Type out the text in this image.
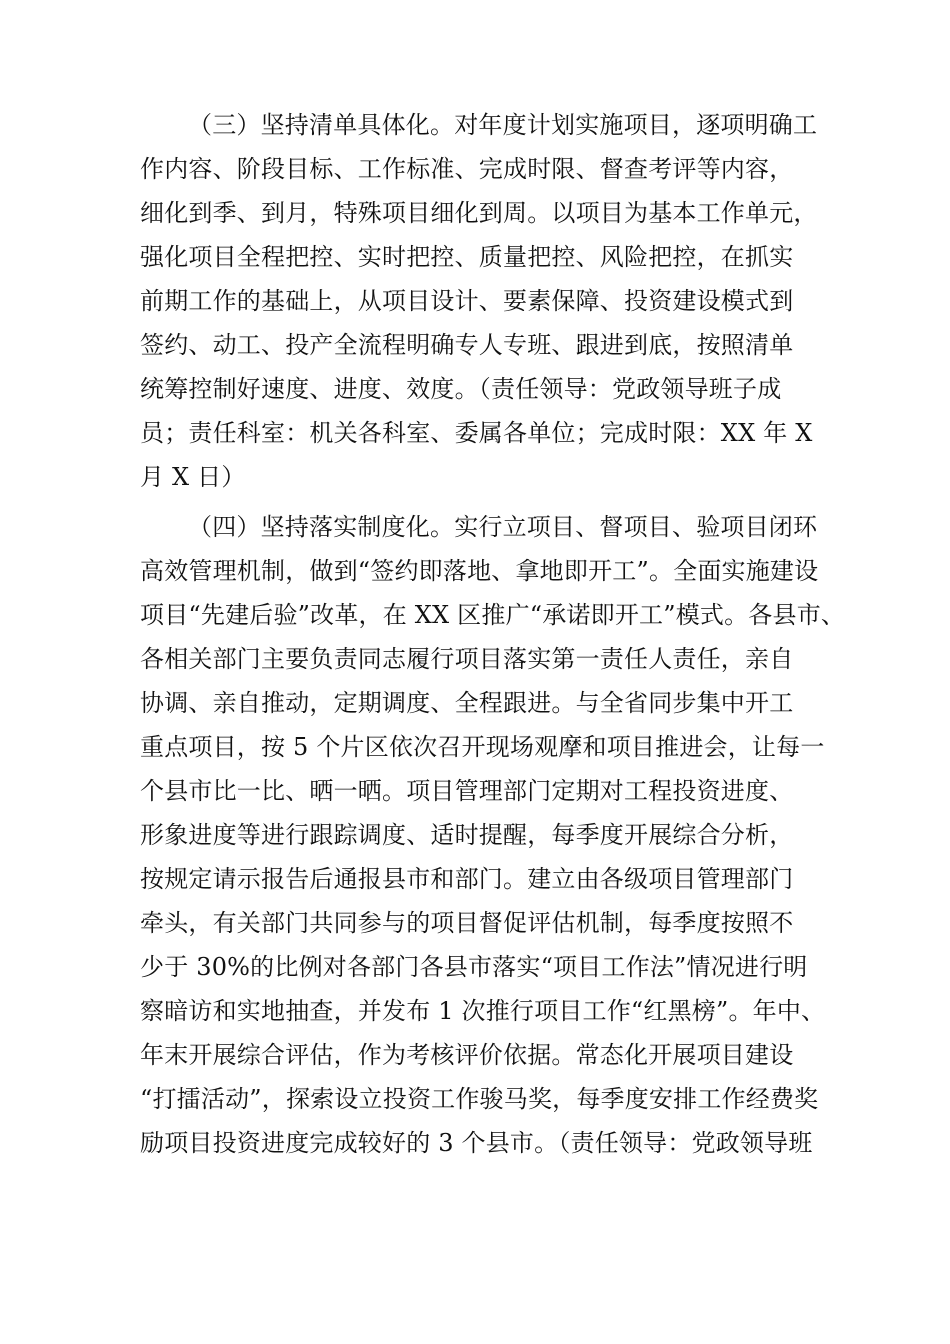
（三）坚持清单具体化。对年度计划实施项目，逐项明确工
作内容、阶段目标、工作标准、完成时限、督查考评等内容，
细化到季、到月，特殊项目细化到周。以项目为基本工作单元，
强化项目全程把控、实时把控、质量把控、风险把控，在抓实
前期工作的基础上，从项目设计、要素保障、投资建设模式到
签约、动工、投产全流程明确专人专班、跟进到底，按照清单
统筹控制好速度、进度、效度。（责任领导：党政领导班子成
员；责任科室：机关各科室、委属各单位；完成时限：XX 年 X
月 X 日）
（四）坚持落实制度化。实行立项目、督项目、验项目闭环
高效管理机制，做到“签约即落地、拿地即开工”。全面实施建设
项目“先建后验”改革，在 XX 区推广“承诺即开工”模式。各县市、
各相关部门主要负责同志履行项目落实第一责任人责任，亲自
协调、亲自推动，定期调度、全程跟进。与全省同步集中开工
重点项目，按 5 个片区依次召开现场观摩和项目推进会，让每一
个县市比一比、晒一晒。项目管理部门定期对工程投资进度、
形象进度等进行跟踪调度、适时提醒，每季度开展综合分析，
按规定请示报告后通报县市和部门。建立由各级项目管理部门
牵头，有关部门共同参与的项目督促评估机制，每季度按照不
少于 30%的比例对各部门各县市落实“项目工作法”情况进行明
察暗访和实地抽查，并发布 1 次推行项目工作“红黑榜”。年中、
年末开展综合评估，作为考核评价依据。常态化开展项目建设
“打擂活动”，探索设立投资工作骏马奖，每季度安排工作经费奖
励项目投资进度完成较好的 3 个县市。（责任领导：党政领导班
